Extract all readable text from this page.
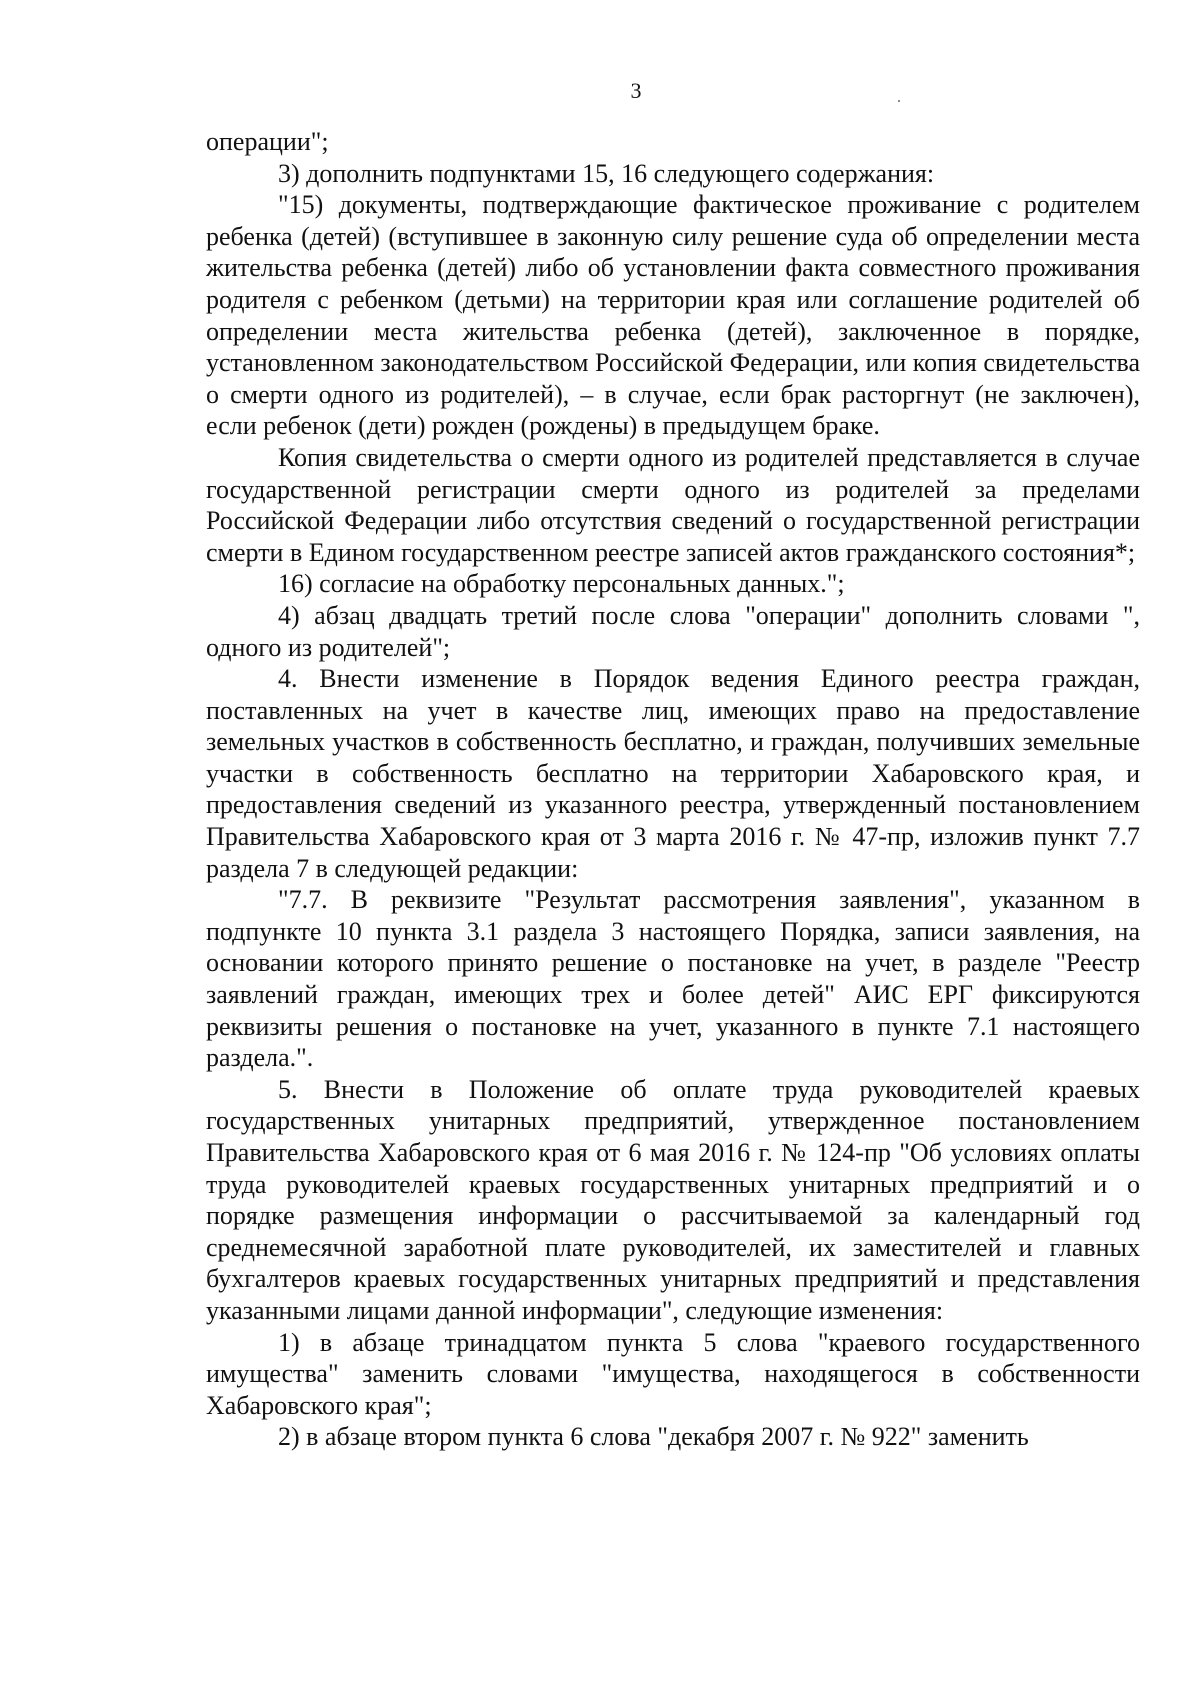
3

операции";

3) дополнить подпунктами 15, 16 следующего содержания:

"15) документы, подтверждающие фактическое проживание с родителем ребенка (детей) (вступившее в законную силу решение суда об определении места жительства ребенка (детей) либо об установлении факта совместного проживания родителя с ребенком (детьми) на территории края или соглашение родителей об определении места жительства ребенка (детей), заключенное в порядке, установленном законодательством Российской Федерации, или копия свидетельства о смерти одного из родителей), – в случае, если брак расторгнут (не заключен), если ребенок (дети) рожден (рождены) в предыдущем браке.

Копия свидетельства о смерти одного из родителей представляется в случае государственной регистрации смерти одного из родителей за пределами Российской Федерации либо отсутствия сведений о государственной регистрации смерти в Едином государственном реестре записей актов гражданского состояния*;

16) согласие на обработку персональных данных.";

4) абзац двадцать третий после слова "операции" дополнить словами ", одного из родителей";

4. Внести изменение в Порядок ведения Единого реестра граждан, поставленных на учет в качестве лиц, имеющих право на предоставление земельных участков в собственность бесплатно, и граждан, получивших земельные участки в собственность бесплатно на территории Хабаровского края, и предоставления сведений из указанного реестра, утвержденный постановлением Правительства Хабаровского края от 3 марта 2016 г. № 47-пр, изложив пункт 7.7 раздела 7 в следующей редакции:

"7.7. В реквизите "Результат рассмотрения заявления", указанном в подпункте 10 пункта 3.1 раздела 3 настоящего Порядка, записи заявления, на основании которого принято решение о постановке на учет, в разделе "Реестр заявлений граждан, имеющих трех и более детей" АИС ЕРГ фиксируются реквизиты решения о постановке на учет, указанного в пункте 7.1 настоящего раздела.".

5. Внести в Положение об оплате труда руководителей краевых государственных унитарных предприятий, утвержденное постановлением Правительства Хабаровского края от 6 мая 2016 г. № 124-пр "Об условиях оплаты труда руководителей краевых государственных унитарных предприятий и о порядке размещения информации о рассчитываемой за календарный год среднемесячной заработной плате руководителей, их заместителей и главных бухгалтеров краевых государственных унитарных предприятий и представления указанными лицами данной информации", следующие изменения:

1) в абзаце тринадцатом пункта 5 слова "краевого государственного имущества" заменить словами "имущества, находящегося в собственности Хабаровского края";

2) в абзаце втором пункта 6 слова "декабря 2007 г. № 922" заменить
